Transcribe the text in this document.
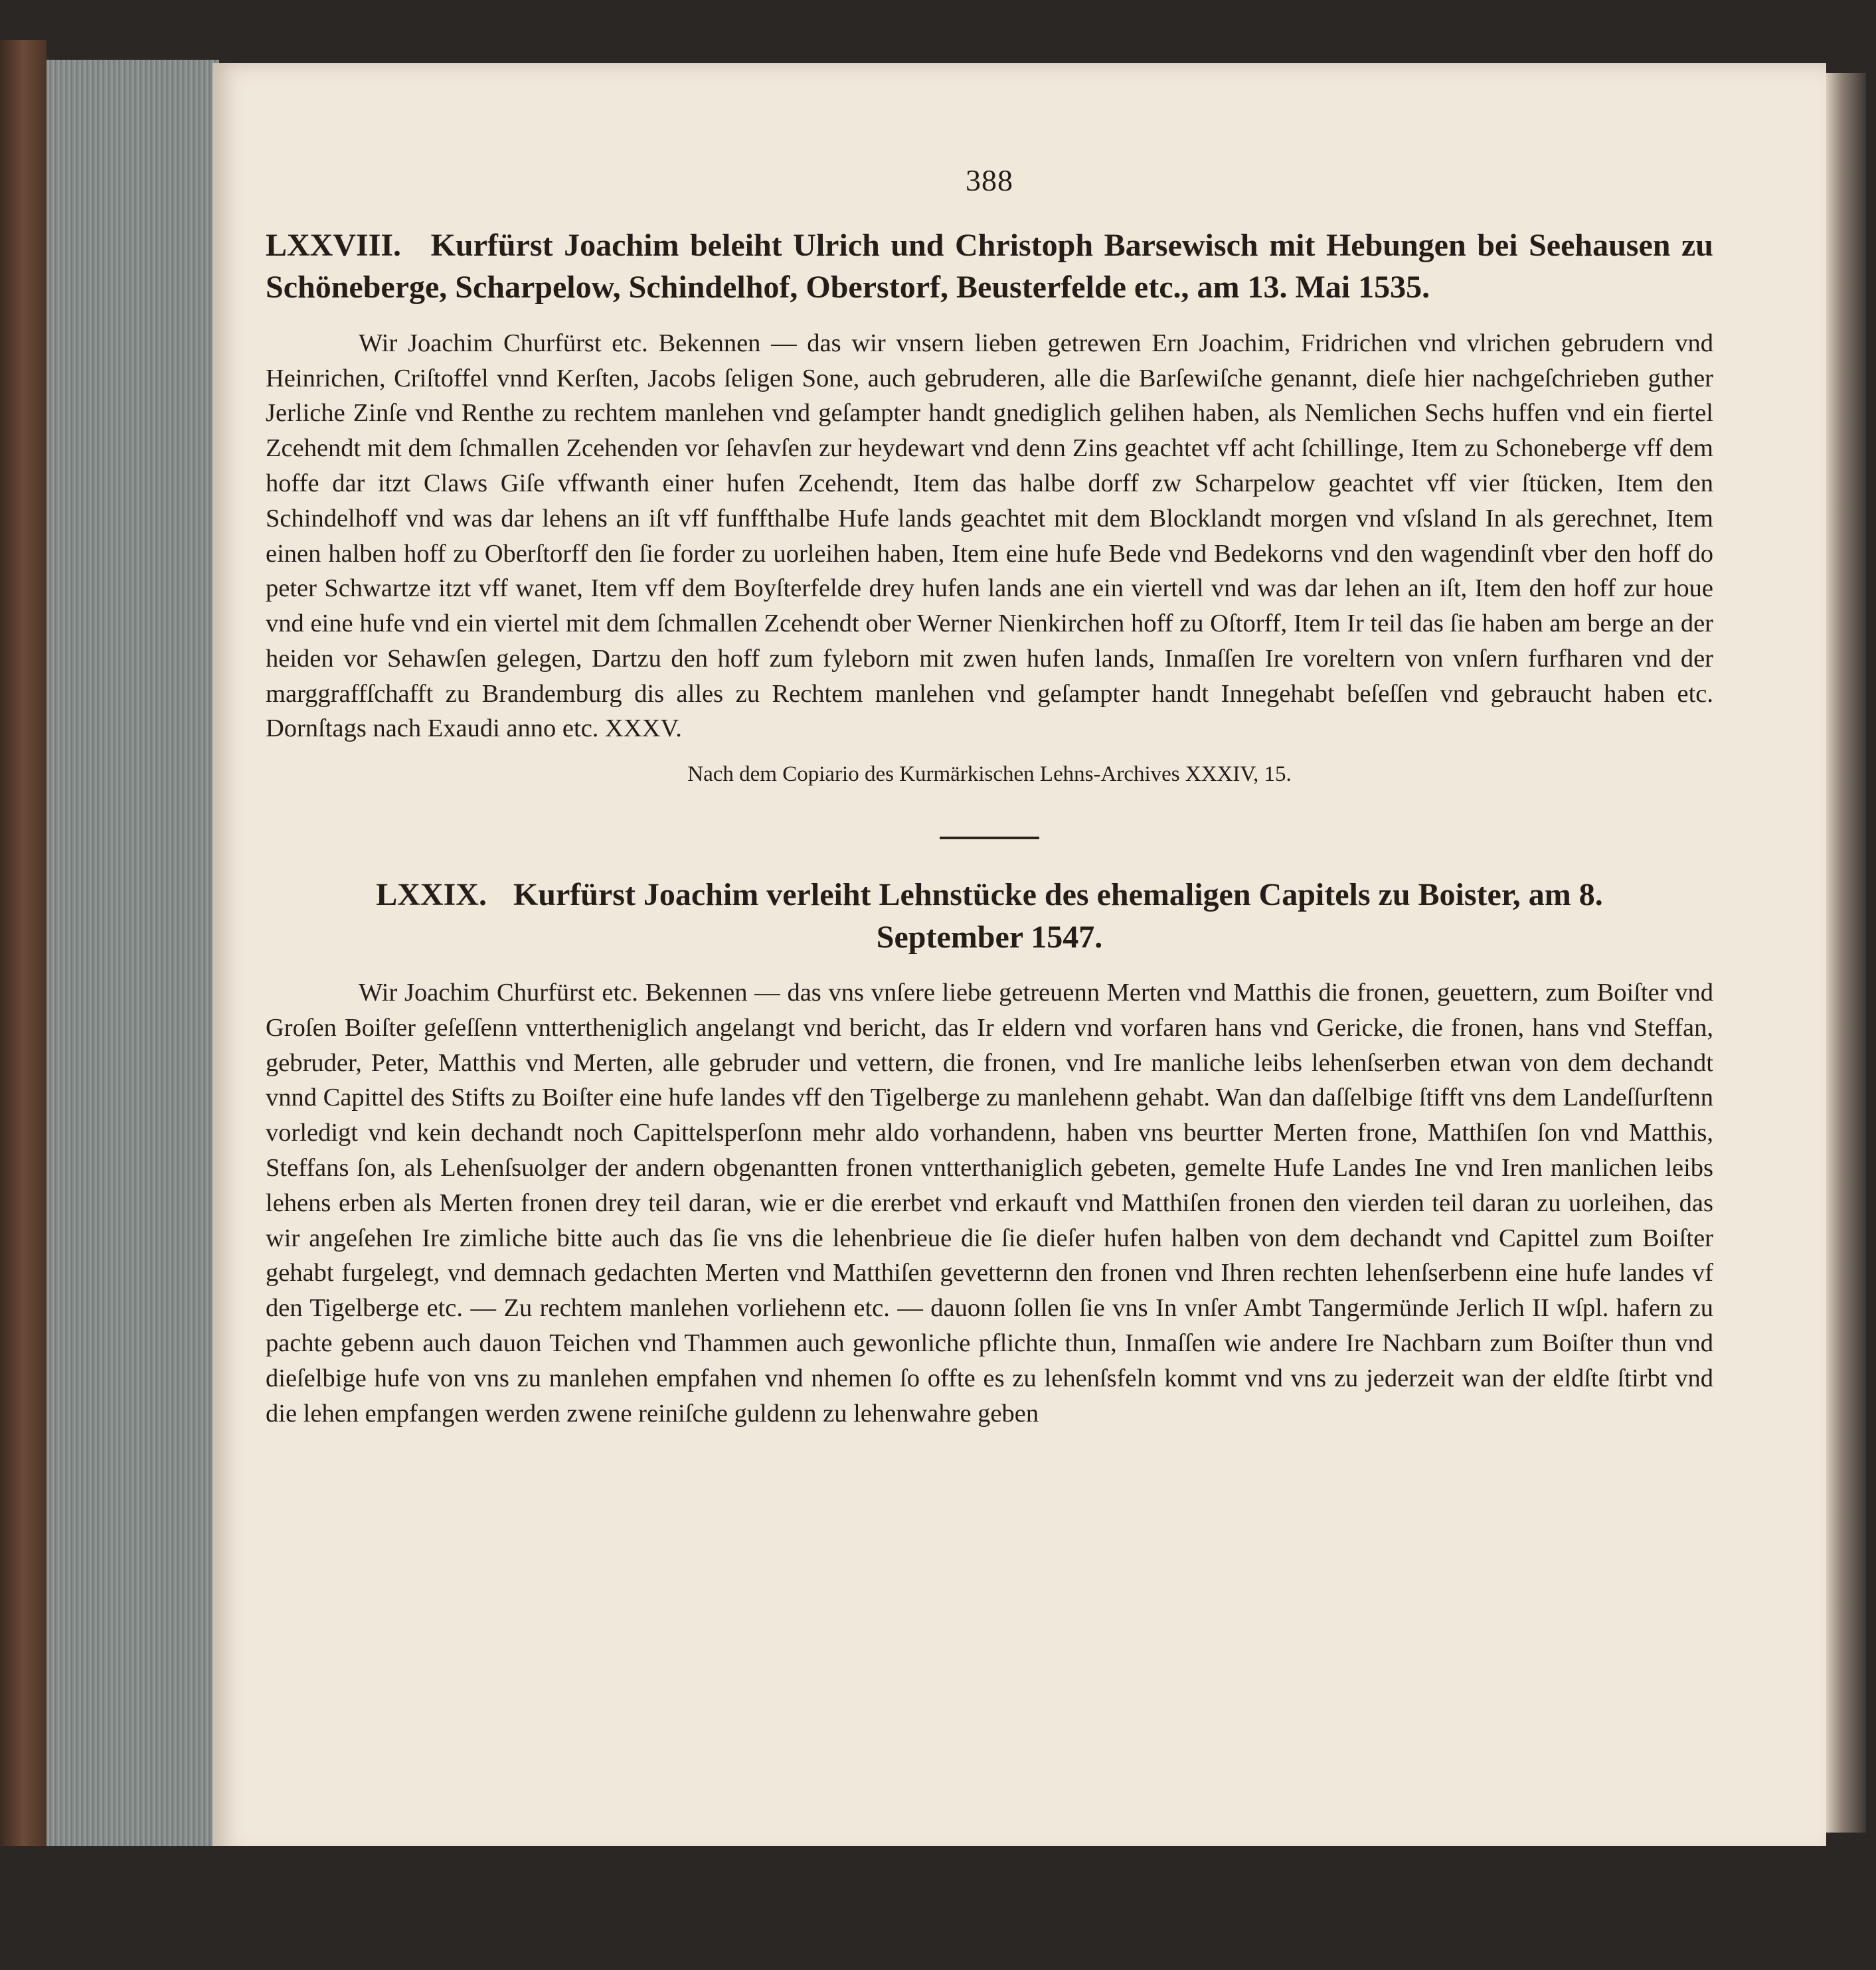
388
LXXVIII. Kurfürst Joachim beleiht Ulrich und Christoph Barsewisch mit Hebungen bei Seehausen zu Schöneberge, Scharpelow, Schindelhof, Oberstorf, Beusterfelde etc., am 13. Mai 1535.

Wir Joachim Churfürst etc. Bekennen — das wir vnsern lieben getrewen Ern Joachim, Fridrichen vnd vlrichen gebrudern vnd Heinrichen, Criſtoffel vnnd Kerſten, Jacobs ſeligen Sone, auch gebruderen, alle die Barſewiſche genannt, dieſe hier nachgeſchrieben guther Jerliche Zinſe vnd Renthe zu rechtem manlehen vnd geſampter handt gnediglich gelihen haben, als Nemlichen Sechs huffen vnd ein fiertel Zcehendt mit dem ſchmallen Zcehenden vor ſehavſen zur heydewart vnd denn Zins geachtet vff acht ſchillinge, Item zu Schoneberge vff dem hoffe dar itzt Claws Giſe vffwanth einer hufen Zcehendt, Item das halbe dorff zw Scharpelow geachtet vff vier ſtücken, Item den Schindelhoff vnd was dar lehens an iſt vff funffthalbe Hufe lands geachtet mit dem Blocklandt morgen vnd vſsland In als gerechnet, Item einen halben hoff zu Oberſtorff den ſie forder zu uorleihen haben, Item eine hufe Bede vnd Bedekorns vnd den wagendinſt vber den hoff do peter Schwartze itzt vff wanet, Item vff dem Boyſterfelde drey hufen lands ane ein viertell vnd was dar lehen an iſt, Item den hoff zur houe vnd eine hufe vnd ein viertel mit dem ſchmallen Zcehendt ober Werner Nienkirchen hoff zu Oſtorff, Item Ir teil das ſie haben am berge an der heiden vor Sehawſen gelegen, Dartzu den hoff zum fyleborn mit zwen hufen lands, Inmaſſen Ire voreltern von vnſern furfharen vnd der marggraffſchafft zu Brandemburg dis alles zu Rechtem manlehen vnd geſampter handt Innegehabt beſeſſen vnd gebraucht haben etc. Dornſtags nach Exaudi anno etc. XXXV.

Nach dem Copiario des Kurmärkischen Lehns-Archives XXXIV, 15.

LXXIX. Kurfürst Joachim verleiht Lehnstücke des ehemaligen Capitels zu Boister, am 8. September 1547.

Wir Joachim Churfürst etc. Bekennen — das vns vnſere liebe getreuenn Merten vnd Matthis die fronen, geuettern, zum Boiſter vnd Groſen Boiſter geſeſſenn vnttertheniglich angelangt vnd bericht, das Ir eldern vnd vorfaren hans vnd Gericke, die fronen, hans vnd Steffan, gebruder, Peter, Matthis vnd Merten, alle gebruder und vettern, die fronen, vnd Ire manliche leibs lehenſserben etwan von dem dechandt vnnd Capittel des Stifts zu Boiſter eine hufe landes vff den Tigelberge zu manlehenn gehabt. Wan dan daſſelbige ſtifft vns dem Landeſſurſtenn vorledigt vnd kein dechandt noch Capittelsperſonn mehr aldo vorhandenn, haben vns beurtter Merten frone, Matthiſen ſon vnd Matthis, Steffans ſon, als Lehenſsuolger der andern obgenantten fronen vntterthaniglich gebeten, gemelte Hufe Landes Ine vnd Iren manlichen leibs lehens erben als Merten fronen drey teil daran, wie er die ererbet vnd erkauft vnd Matthiſen fronen den vierden teil daran zu uorleihen, das wir angeſehen Ire zimliche bitte auch das ſie vns die lehenbrieue die ſie dieſer hufen halben von dem dechandt vnd Capittel zum Boiſter gehabt furgelegt, vnd demnach gedachten Merten vnd Matthiſen gevetternn den fronen vnd Ihren rechten lehenſserbenn eine hufe landes vf den Tigelberge etc. — Zu rechtem manlehen vorliehenn etc. — dauonn ſollen ſie vns In vnſer Ambt Tangermünde Jerlich II wſpl. hafern zu pachte gebenn auch dauon Teichen vnd Thammen auch gewonliche pflichte thun, Inmaſſen wie andere Ire Nachbarn zum Boiſter thun vnd dieſelbige hufe von vns zu manlehen empfahen vnd nhemen ſo offte es zu lehenſsfeln kommt vnd vns zu jederzeit wan der eldſte ſtirbt vnd die lehen empfangen werden zwene reiniſche guldenn zu lehenwahre geben
